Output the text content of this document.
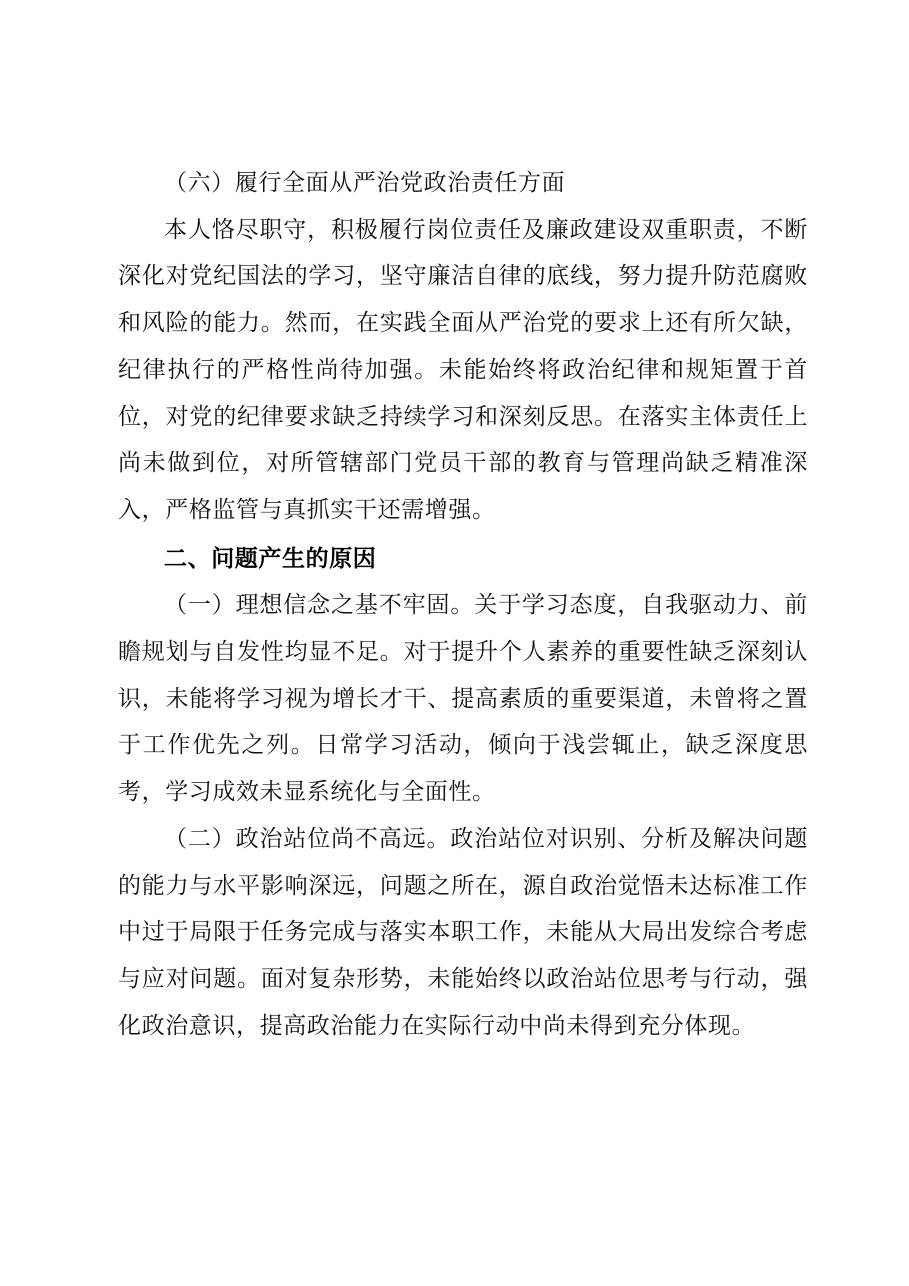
（六）履行全面从严治党政治责任方面

本人恪尽职守，积极履行岗位责任及廉政建设双重职责，不断深化对党纪国法的学习，坚守廉洁自律的底线，努力提升防范腐败和风险的能力。然而，在实践全面从严治党的要求上还有所欠缺，纪律执行的严格性尚待加强。未能始终将政治纪律和规矩置于首位，对党的纪律要求缺乏持续学习和深刻反思。在落实主体责任上尚未做到位，对所管辖部门党员干部的教育与管理尚缺乏精准深入，严格监管与真抓实干还需增强。

二、问题产生的原因

（一）理想信念之基不牢固。关于学习态度，自我驱动力、前瞻规划与自发性均显不足。对于提升个人素养的重要性缺乏深刻认识，未能将学习视为增长才干、提高素质的重要渠道，未曾将之置于工作优先之列。日常学习活动，倾向于浅尝辄止，缺乏深度思考，学习成效未显系统化与全面性。

（二）政治站位尚不高远。政治站位对识别、分析及解决问题的能力与水平影响深远，问题之所在，源自政治觉悟未达标准工作中过于局限于任务完成与落实本职工作，未能从大局出发综合考虑与应对问题。面对复杂形势，未能始终以政治站位思考与行动，强化政治意识，提高政治能力在实际行动中尚未得到充分体现。
